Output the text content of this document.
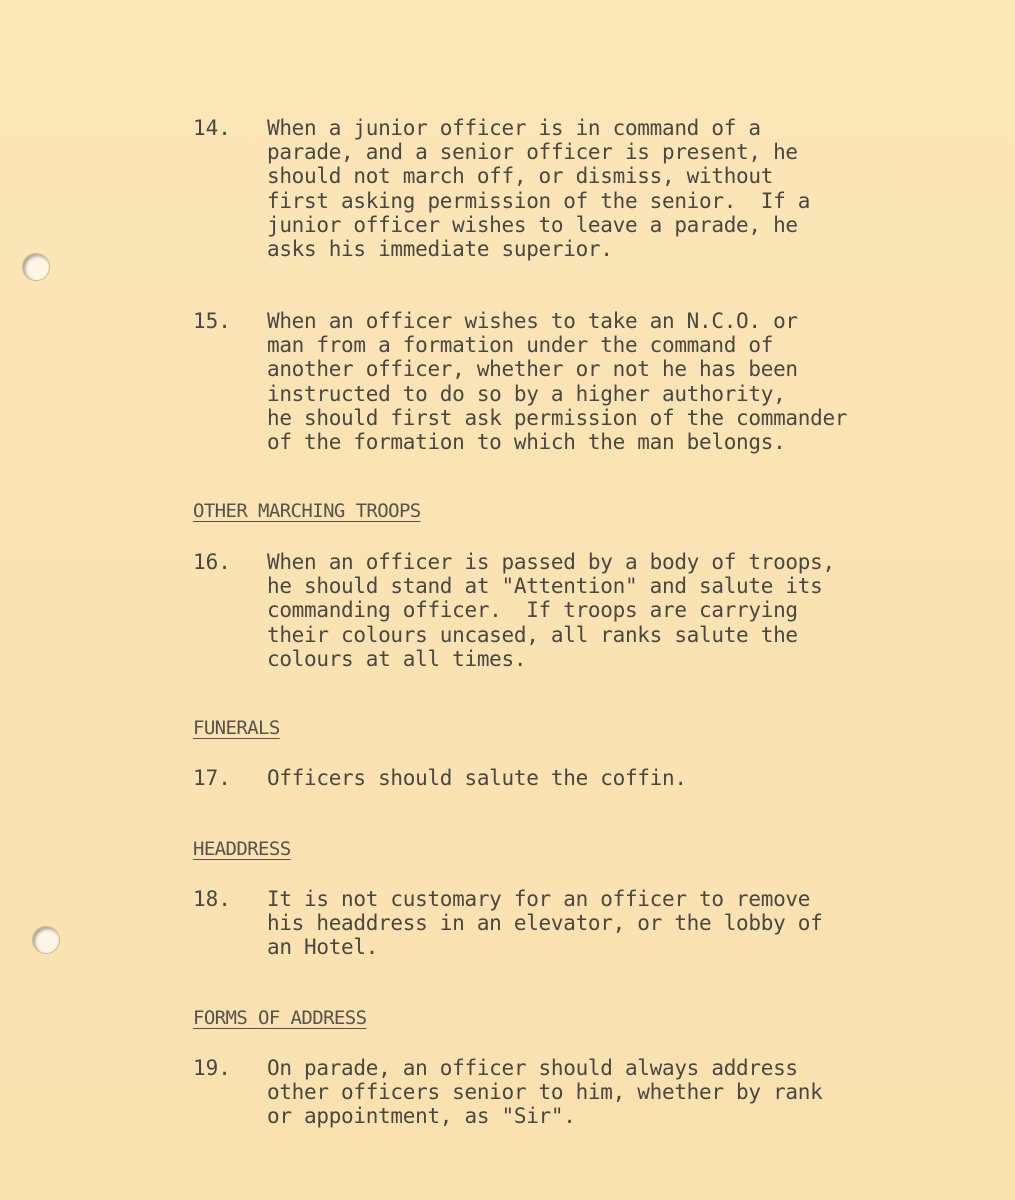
14.	When a junior officer is in command of a
parade, and a senior officer is present, he
should not march off, or dismiss, without
first asking permission of the senior.  If a
junior officer wishes to leave a parade, he
asks his immediate superior.
15.	When an officer wishes to take an N.C.O. or
man from a formation under the command of
another officer, whether or not he has been
instructed to do so by a higher authority,
he should first ask permission of the commander
of the formation to which the man belongs.
OTHER MARCHING TROOPS
16.	When an officer is passed by a body of troops,
he should stand at "Attention" and salute its
commanding officer.  If troops are carrying
their colours uncased, all ranks salute the
colours at all times.
FUNERALS
17.	Officers should salute the coffin.
HEADDRESS
18.	It is not customary for an officer to remove
his headdress in an elevator, or the lobby of
an Hotel.
FORMS OF ADDRESS
19.	On parade, an officer should always address
other officers senior to him, whether by rank
or appointment, as "Sir".
